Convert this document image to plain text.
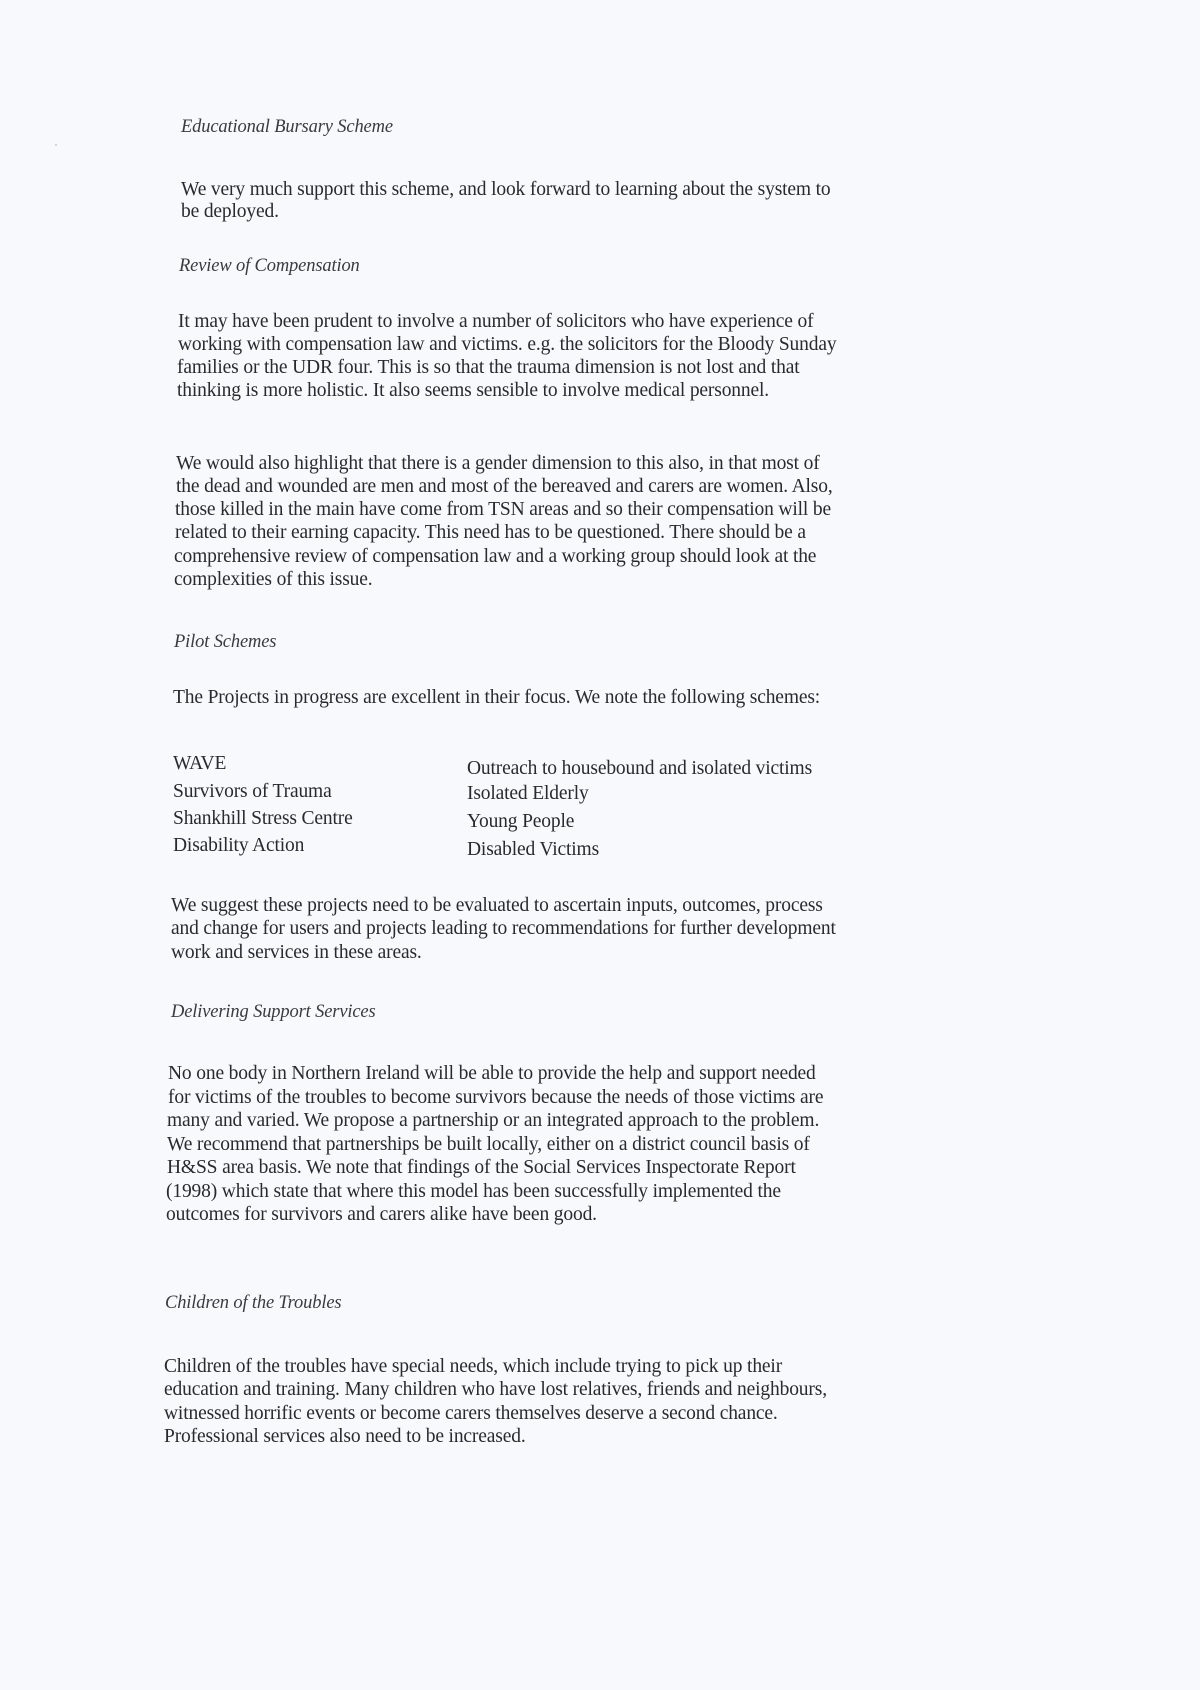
Educational Bursary Scheme
We very much support this scheme, and look forward to learning about the system to
be deployed.
Review of Compensation
It may have been prudent to involve a number of solicitors who have experience of
working with compensation law and victims. e.g. the solicitors for the Bloody Sunday
families or the UDR four. This is so that the trauma dimension is not lost and that
thinking is more holistic. It also seems sensible to involve medical personnel.
We would also highlight that there is a gender dimension to this also, in that most of
the dead and wounded are men and most of the bereaved and carers are women. Also,
those killed in the main have come from TSN areas and so their compensation will be
related to their earning capacity. This need has to be questioned. There should be a
comprehensive review of compensation law and a working group should look at the
complexities of this issue.
Pilot Schemes
The Projects in progress are excellent in their focus. We note the following schemes:
WAVE	Outreach to housebound and isolated victims
Survivors of Trauma	Isolated Elderly
Shankhill Stress Centre	Young People
Disability Action	Disabled Victims
We suggest these projects need to be evaluated to ascertain inputs, outcomes, process
and change for users and projects leading to recommendations for further development
work and services in these areas.
Delivering Support Services
No one body in Northern Ireland will be able to provide the help and support needed
for victims of the troubles to become survivors because the needs of those victims are
many and varied. We propose a partnership or an integrated approach to the problem.
We recommend that partnerships be built locally, either on a district council basis of
H&SS area basis. We note that findings of the Social Services Inspectorate Report
(1998) which state that where this model has been successfully implemented the
outcomes for survivors and carers alike have been good.
Children of the Troubles
Children of the troubles have special needs, which include trying to pick up their
education and training. Many children who have lost relatives, friends and neighbours,
witnessed horrific events or become carers themselves deserve a second chance.
Professional services also need to be increased.
